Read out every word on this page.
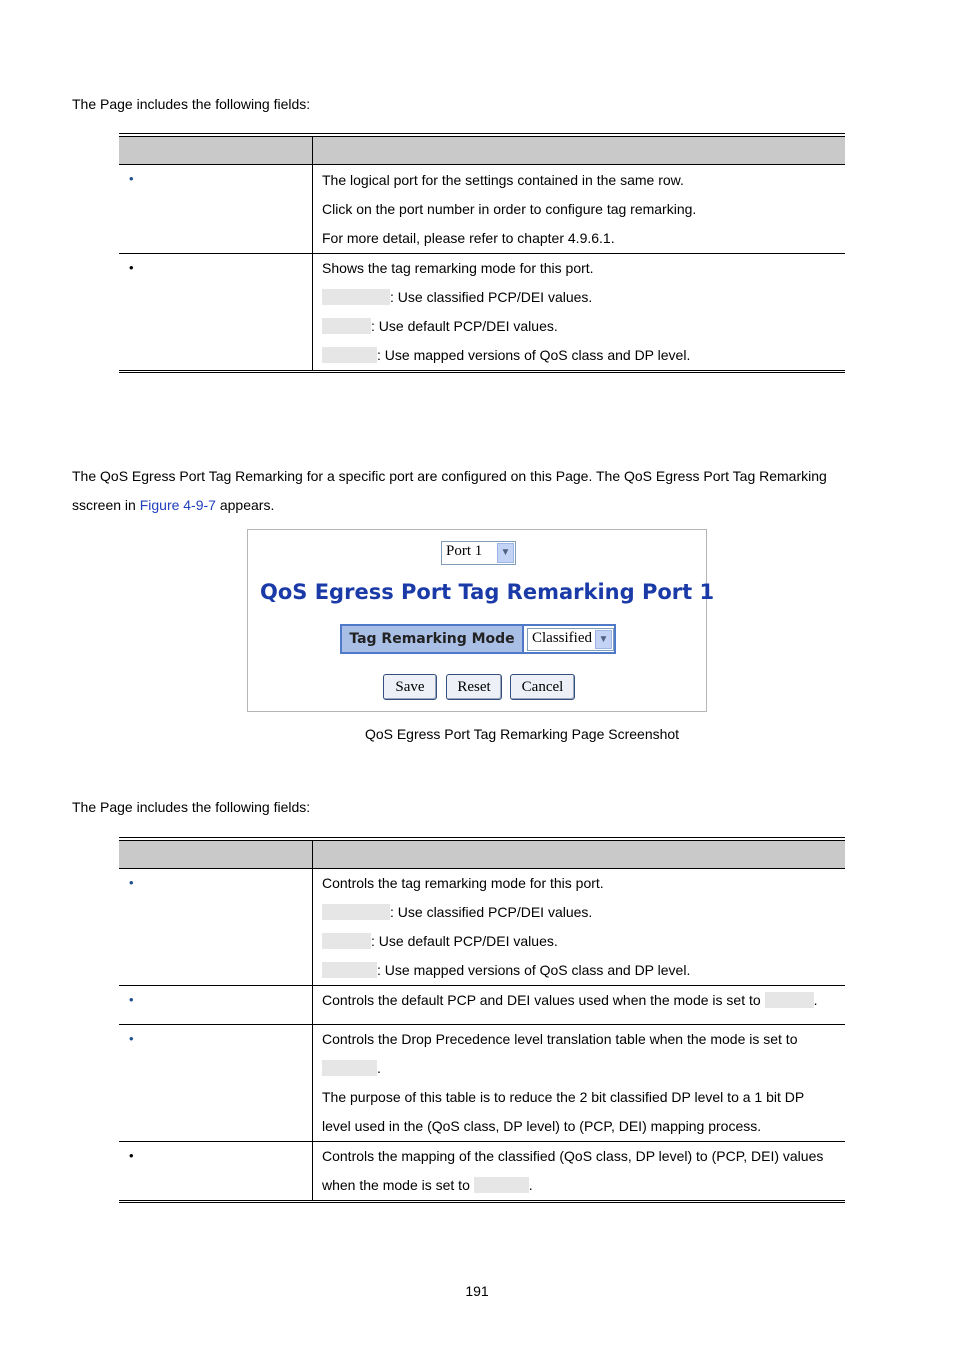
The Page includes the following fields:

•	The logical port for the settings contained in the same row.
Click on the port number in order to configure tag remarking.
For more detail, please refer to chapter 4.9.6.1.

•	Shows the tag remarking mode for this port.
: Use classified PCP/DEI values.
: Use default PCP/DEI values.
: Use mapped versions of QoS class and DP level.
The QoS Egress Port Tag Remarking for a specific port are configured on this Page. The QoS Egress Port Tag Remarking
sscreen in Figure 4-9-7 appears.
Port 1	▼
QoS Egress Port Tag Remarking Port 1
Tag Remarking Mode	Classified ▼
Save	Reset	Cancel
QoS Egress Port Tag Remarking Page Screenshot
The Page includes the following fields:

•	Controls the tag remarking mode for this port.
: Use classified PCP/DEI values.
: Use default PCP/DEI values.
: Use mapped versions of QoS class and DP level.

•	Controls the default PCP and DEI values used when the mode is set to .

•	Controls the Drop Precedence level translation table when the mode is set to
.
The purpose of this table is to reduce the 2 bit classified DP level to a 1 bit DP
level used in the (QoS class, DP level) to (PCP, DEI) mapping process.

•	Controls the mapping of the classified (QoS class, DP level) to (PCP, DEI) values
when the mode is set to .
191
